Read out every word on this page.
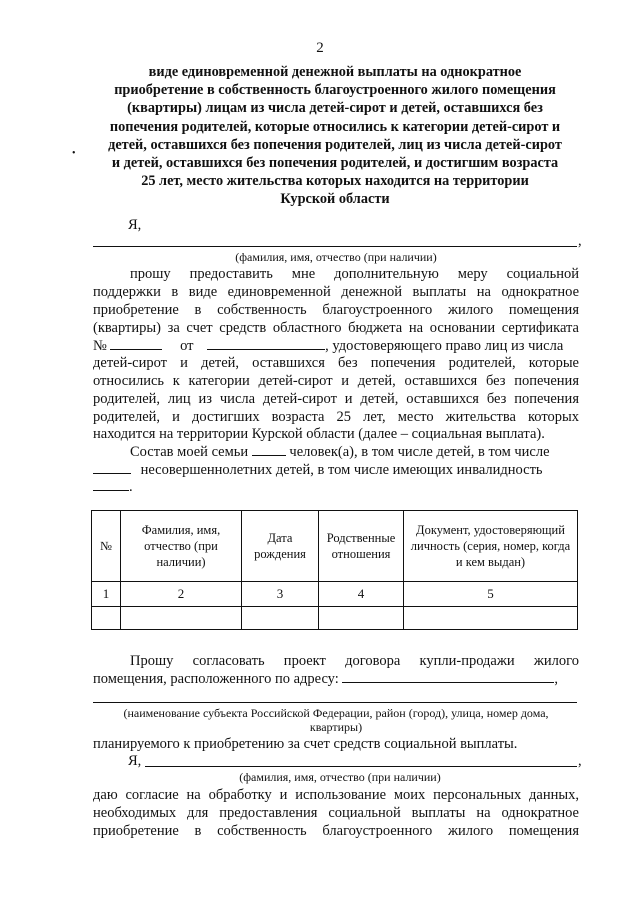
2
виде единовременной денежной выплаты на однократное
приобретение в собственность благоустроенного жилого помещения
(квартиры) лицам из числа детей-сирот и детей, оставшихся без
попечения родителей, которые относились к категории детей-сирот и
детей, оставшихся без попечения родителей, лиц из числа детей-сирот
и детей, оставшихся без попечения родителей, и достигшим возраста
25 лет, место жительства которых находится на территории
Курской области
•
Я,
,
(фамилия, имя, отчество (при наличии)
прошу предоставить мне дополнительную меру социальной
поддержки в виде единовременной денежной выплаты на однократное
приобретение в собственность благоустроенного жилого помещения
(квартиры) за счет средств областного бюджета на основании сертификата
№	от	, удостоверяющего право лиц из числа
детей-сирот и детей, оставшихся без попечения родителей, которые
относились к категории детей-сирот и детей, оставшихся без попечения
родителей, лиц из числа детей-сирот и детей, оставшихся без попечения
родителей, и достигших возраста 25 лет, место жительства которых
находится на территории Курской области (далее – социальная выплата).
Состав моей семьи	человек(а), в том числе детей, в том числе
несовершеннолетних детей, в том числе имеющих инвалидность
.
№	Фамилия, имя, отчество (при наличии)	Дата рождения	Родственные отношения	Документ, удостоверяющий личность (серия, номер, когда и кем выдан)
1	2	3	4	5

Прошу согласовать проект договора купли-продажи жилого
помещения, расположенного по адресу:	,
(наименование субъекта Российской Федерации, район (город), улица, номер дома,
квартиры)
планируемого к приобретению за счет средств социальной выплаты.
Я,	,
(фамилия, имя, отчество (при наличии)
даю согласие на обработку и использование моих персональных данных,
необходимых для предоставления социальной выплаты на однократное
приобретение в собственность благоустроенного жилого помещения
